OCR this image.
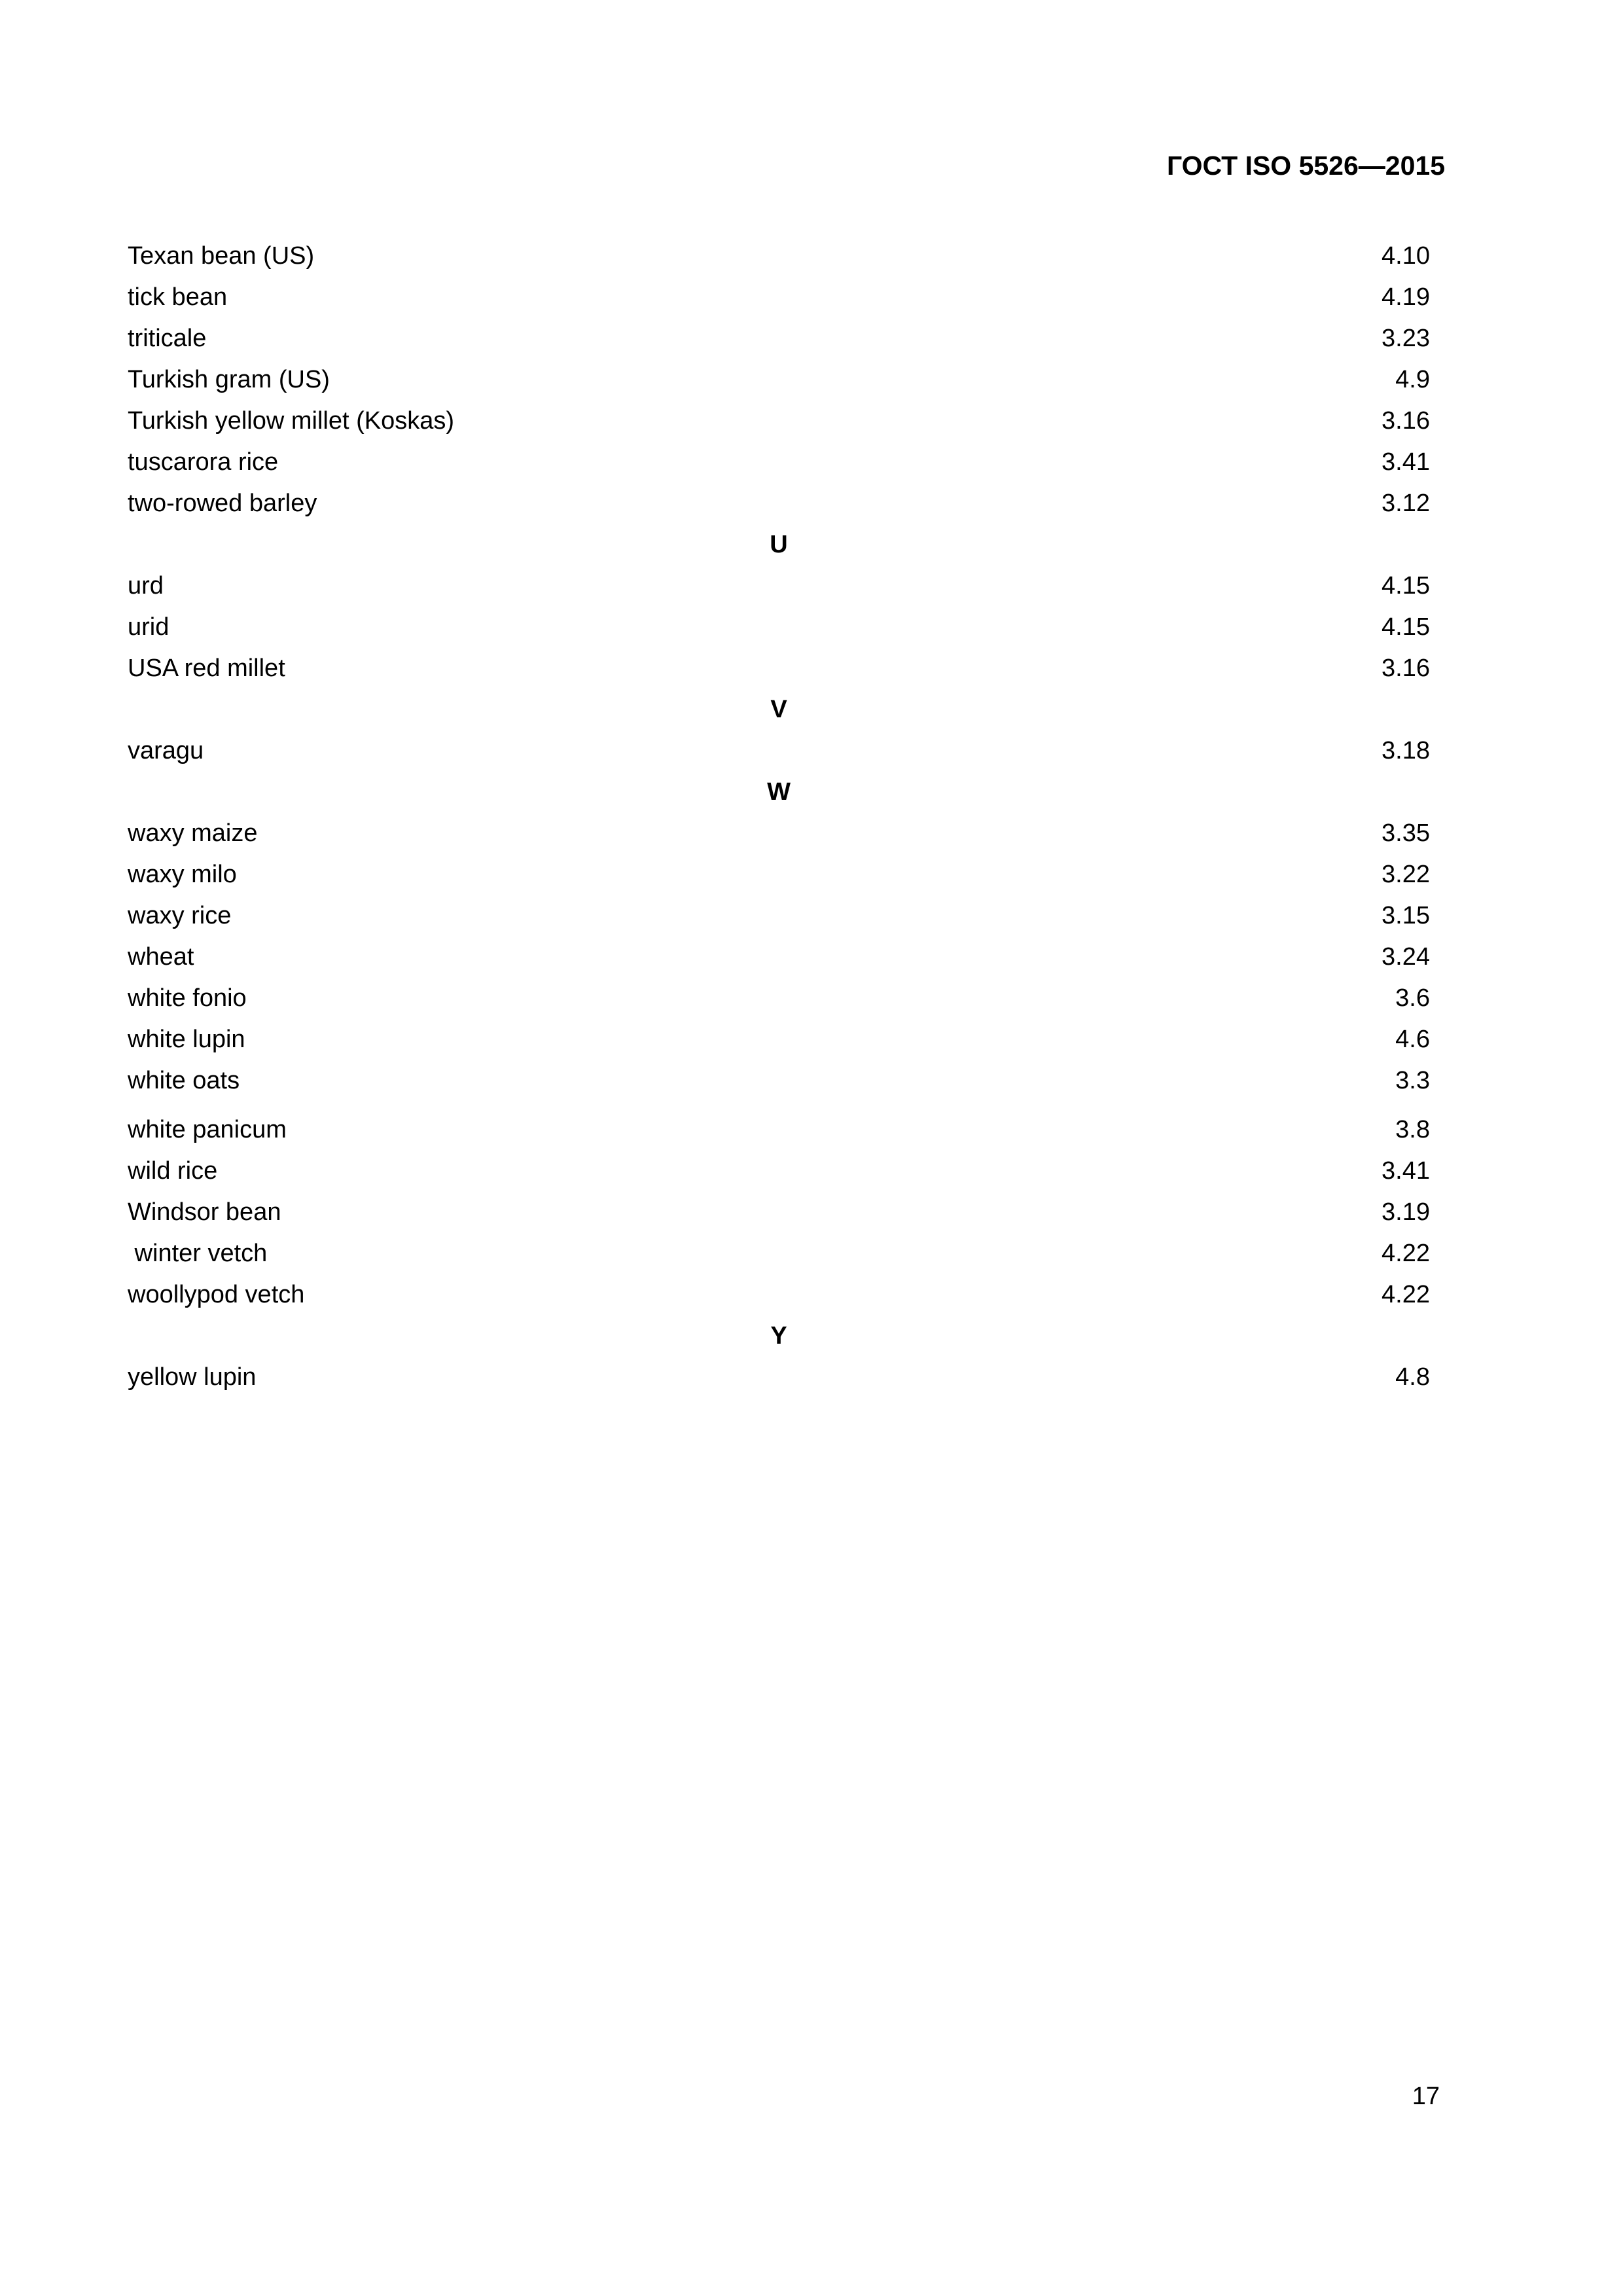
ГОСТ ISO 5526—2015
Texan bean (US)	4.10
tick bean	4.19
triticale	3.23
Turkish gram (US)	4.9
Turkish yellow millet (Koskas)	3.16
tuscarora rice	3.41
two-rowed barley	3.12
U
urd	4.15
urid	4.15
USA red millet	3.16
V
varagu	3.18
W
waxy maize	3.35
waxy milo	3.22
waxy rice	3.15
wheat	3.24
white fonio	3.6
white lupin	4.6
white oats	3.3
white panicum	3.8
wild rice	3.41
Windsor bean	3.19
winter vetch	4.22
woollypod vetch	4.22
Y
yellow lupin	4.8
17
